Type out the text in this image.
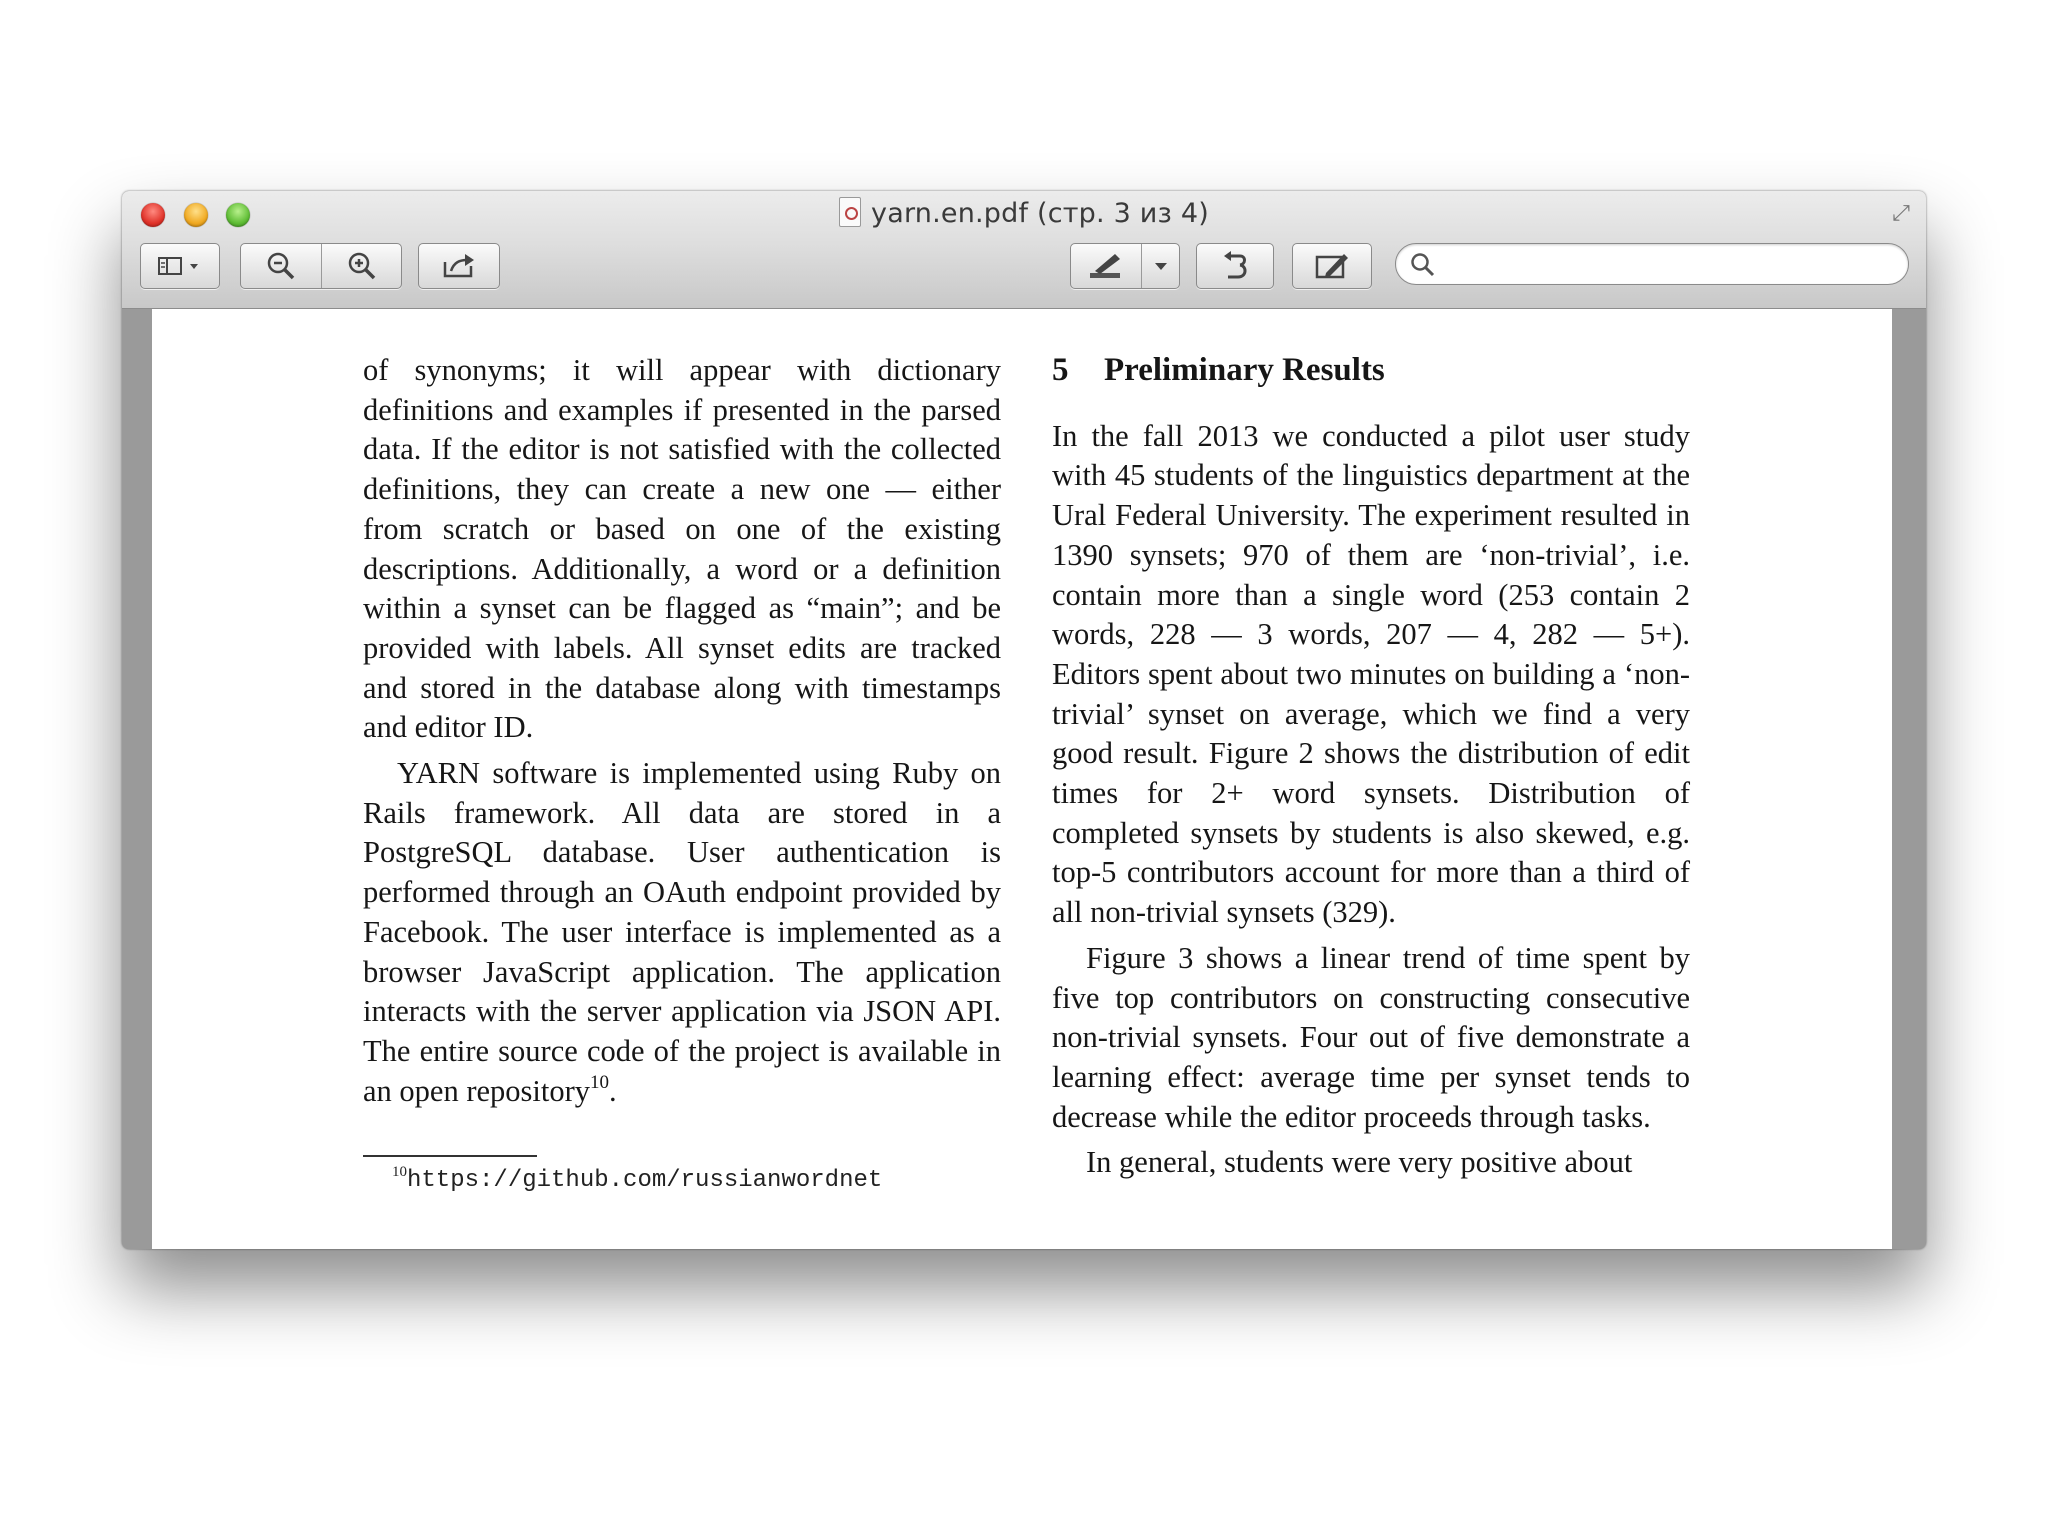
yarn.en.pdf (стр. 3 из 4)	⤢

of synonyms; it will appear with dictionary definitions and examples if presented in the parsed data. If the editor is not satisfied with the collected definitions, they can create a new one — either from scratch or based on one of the existing descriptions. Additionally, a word or a definition within a synset can be flagged as “main”; and be provided with labels. All synset edits are tracked and stored in the database along with timestamps and editor ID.

YARN software is implemented using Ruby on Rails framework. All data are stored in a PostgreSQL database. User authentication is performed through an OAuth endpoint provided by Facebook. The user interface is implemented as a browser JavaScript application. The application interacts with the server application via JSON API. The entire source code of the project is available in an open repository$^{10}$.

5 Preliminary Results

In the fall 2013 we conducted a pilot user study with 45 students of the linguistics department at the Ural Federal University. The experiment resulted in 1390 synsets; 970 of them are ‘non-trivial’, i.e. contain more than a single word (253 contain 2 words, 228 — 3 words, 207 — 4, 282 — 5+). Editors spent about two minutes on building a ‘non-trivial’ synset on average, which we find a very good result. Figure 2 shows the distribution of edit times for 2+ word synsets. Distribution of completed synsets by students is also skewed, e.g. top-5 contributors account for more than a third of all non-trivial synsets (329).

Figure 3 shows a linear trend of time spent by five top contributors on constructing consecutive non-trivial synsets. Four out of five demonstrate a learning effect: average time per synset tends to decrease while the editor proceeds through tasks.

In general, students were very positive about

$^{10}$https://github.com/russianwordnet
